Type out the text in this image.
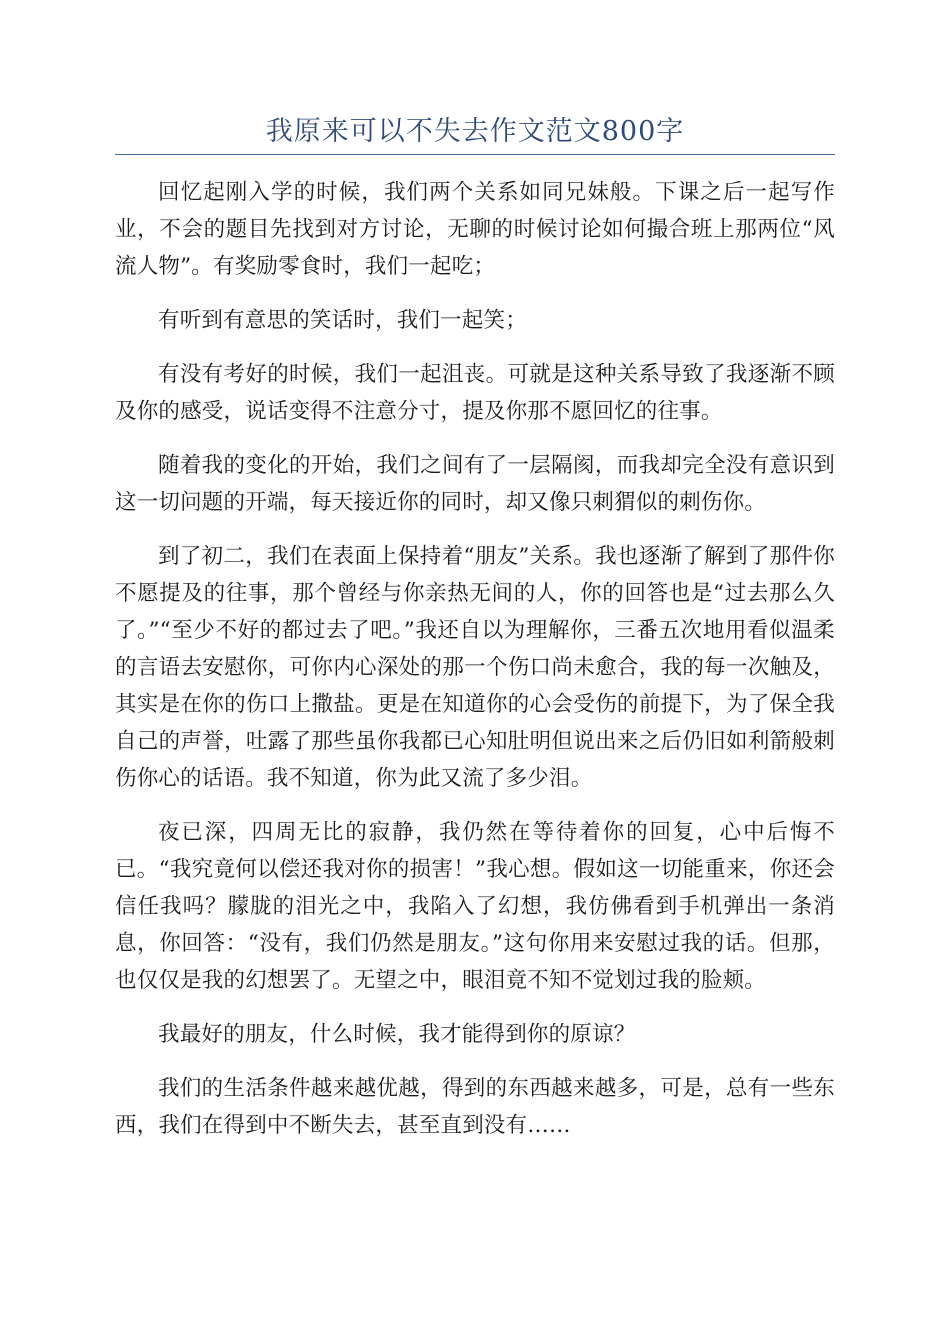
我原来可以不失去作文范文800字

回忆起刚入学的时候，我们两个关系如同兄妹般。下课之后一起写作业，不会的题目先找到对方讨论，无聊的时候讨论如何撮合班上那两位“风流人物”。有奖励零食时，我们一起吃；

有听到有意思的笑话时，我们一起笑；

有没有考好的时候，我们一起沮丧。可就是这种关系导致了我逐渐不顾及你的感受，说话变得不注意分寸，提及你那不愿回忆的往事。

随着我的变化的开始，我们之间有了一层隔阂，而我却完全没有意识到这一切问题的开端，每天接近你的同时，却又像只刺猬似的刺伤你。

到了初二，我们在表面上保持着“朋友”关系。我也逐渐了解到了那件你不愿提及的往事，那个曾经与你亲热无间的人，你的回答也是“过去那么久了。”“至少不好的都过去了吧。”我还自以为理解你，三番五次地用看似温柔的言语去安慰你，可你内心深处的那一个伤口尚未愈合，我的每一次触及，其实是在你的伤口上撒盐。更是在知道你的心会受伤的前提下，为了保全我自己的声誉，吐露了那些虽你我都已心知肚明但说出来之后仍旧如利箭般刺伤你心的话语。我不知道，你为此又流了多少泪。

夜已深，四周无比的寂静，我仍然在等待着你的回复，心中后悔不已。“我究竟何以偿还我对你的损害！”我心想。假如这一切能重来，你还会信任我吗？朦胧的泪光之中，我陷入了幻想，我仿佛看到手机弹出一条消息，你回答：“没有，我们仍然是朋友。”这句你用来安慰过我的话。但那，也仅仅是我的幻想罢了。无望之中，眼泪竟不知不觉划过我的脸颊。

我最好的朋友，什么时候，我才能得到你的原谅？

我们的生活条件越来越优越，得到的东西越来越多，可是，总有一些东西，我们在得到中不断失去，甚至直到没有……
